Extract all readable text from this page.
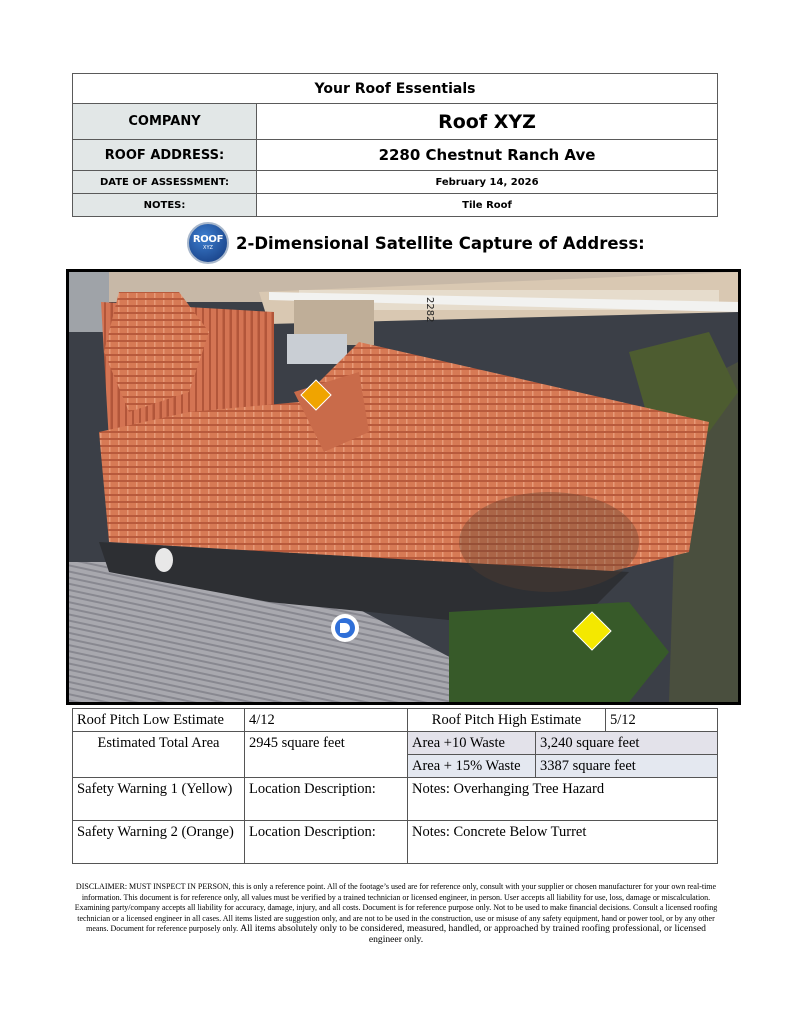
Your Roof Essentials	
COMPANY	Roof XYZ
ROOF ADDRESS:	2280 Chestnut Ranch Ave
DATE OF ASSESSMENT:	February 14, 2026
NOTES:	Tile Roof
ROOF
XYZ 2-Dimensional Satellite Capture of Address:
2282
Roof Pitch Low Estimate	4/12	Roof Pitch High Estimate		5/12
Estimated Total Area	2945 square feet	Area +10 Waste	3,240 square feet	
		Area + 15% Waste	3387 square feet	
Safety Warning 1 (Yellow)	Location Description:	Notes: Overhanging Tree Hazard		
Safety Warning 2 (Orange)	Location Description:	Notes: Concrete Below Turret		
DISCLAIMER: MUST INSPECT IN PERSON, this is only a reference point. All of the footage’s used are for reference only, consult with your supplier or chosen manufacturer for your own real-time information. This document is for reference only, all values must be verified by a trained technician or licensed engineer, in person. User accepts all liability for use, loss, damage or miscalculation. Examining party/company accepts all liability for accuracy, damage, injury, and all costs. Document is for reference purpose only. Not to be used to make financial decisions. Consult a licensed roofing technician or a licensed engineer in all cases. All items listed are suggestion only, and are not to be used in the construction, use or misuse of any safety equipment, hand or power tool, or by any other means. Document for reference purposely only. All items absolutely only to be considered, measured, handled, or approached by trained roofing professional, or licensed engineer only.
